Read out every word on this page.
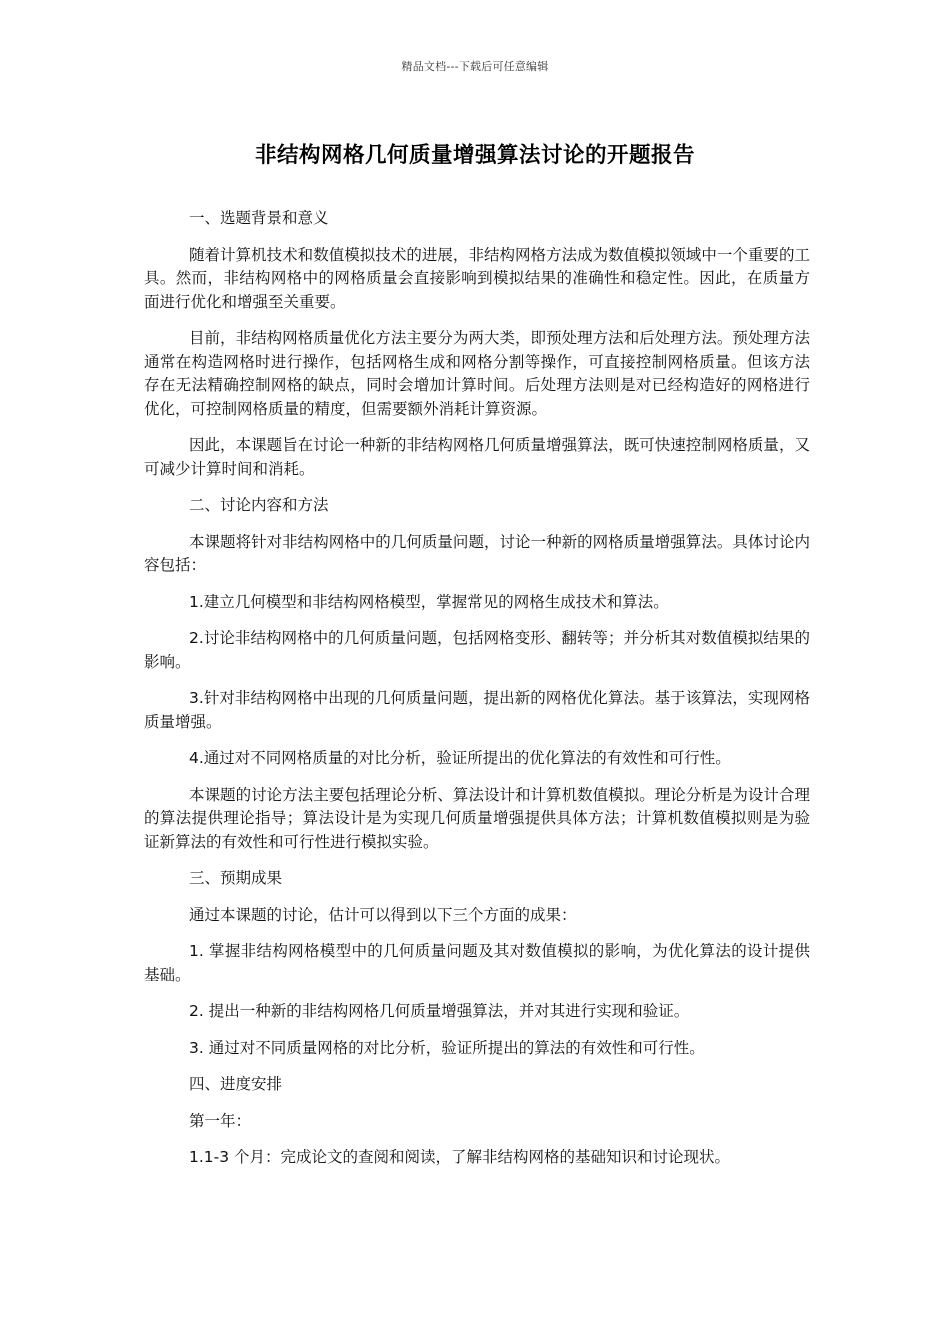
精品文档---下载后可任意编辑
非结构网格几何质量增强算法讨论的开题报告

一、选题背景和意义

随着计算机技术和数值模拟技术的进展，非结构网格方法成为数值模拟领域中一个重要的工具。然而，非结构网格中的网格质量会直接影响到模拟结果的准确性和稳定性。因此，在质量方面进行优化和增强至关重要。

目前，非结构网格质量优化方法主要分为两大类，即预处理方法和后处理方法。预处理方法通常在构造网格时进行操作，包括网格生成和网格分割等操作，可直接控制网格质量。但该方法存在无法精确控制网格的缺点，同时会增加计算时间。后处理方法则是对已经构造好的网格进行优化，可控制网格质量的精度，但需要额外消耗计算资源。

因此，本课题旨在讨论一种新的非结构网格几何质量增强算法，既可快速控制网格质量，又可减少计算时间和消耗。

二、讨论内容和方法

本课题将针对非结构网格中的几何质量问题，讨论一种新的网格质量增强算法。具体讨论内容包括：

1.建立几何模型和非结构网格模型，掌握常见的网格生成技术和算法。

2.讨论非结构网格中的几何质量问题，包括网格变形、翻转等；并分析其对数值模拟结果的影响。

3.针对非结构网格中出现的几何质量问题，提出新的网格优化算法。基于该算法，实现网格质量增强。

4.通过对不同网格质量的对比分析，验证所提出的优化算法的有效性和可行性。

本课题的讨论方法主要包括理论分析、算法设计和计算机数值模拟。理论分析是为设计合理的算法提供理论指导；算法设计是为实现几何质量增强提供具体方法；计算机数值模拟则是为验证新算法的有效性和可行性进行模拟实验。

三、预期成果

通过本课题的讨论，估计可以得到以下三个方面的成果：

1. 掌握非结构网格模型中的几何质量问题及其对数值模拟的影响，为优化算法的设计提供基础。

2. 提出一种新的非结构网格几何质量增强算法，并对其进行实现和验证。

3. 通过对不同质量网格的对比分析，验证所提出的算法的有效性和可行性。

四、进度安排

第一年：

1.1-3 个月：完成论文的查阅和阅读，了解非结构网格的基础知识和讨论现状。
